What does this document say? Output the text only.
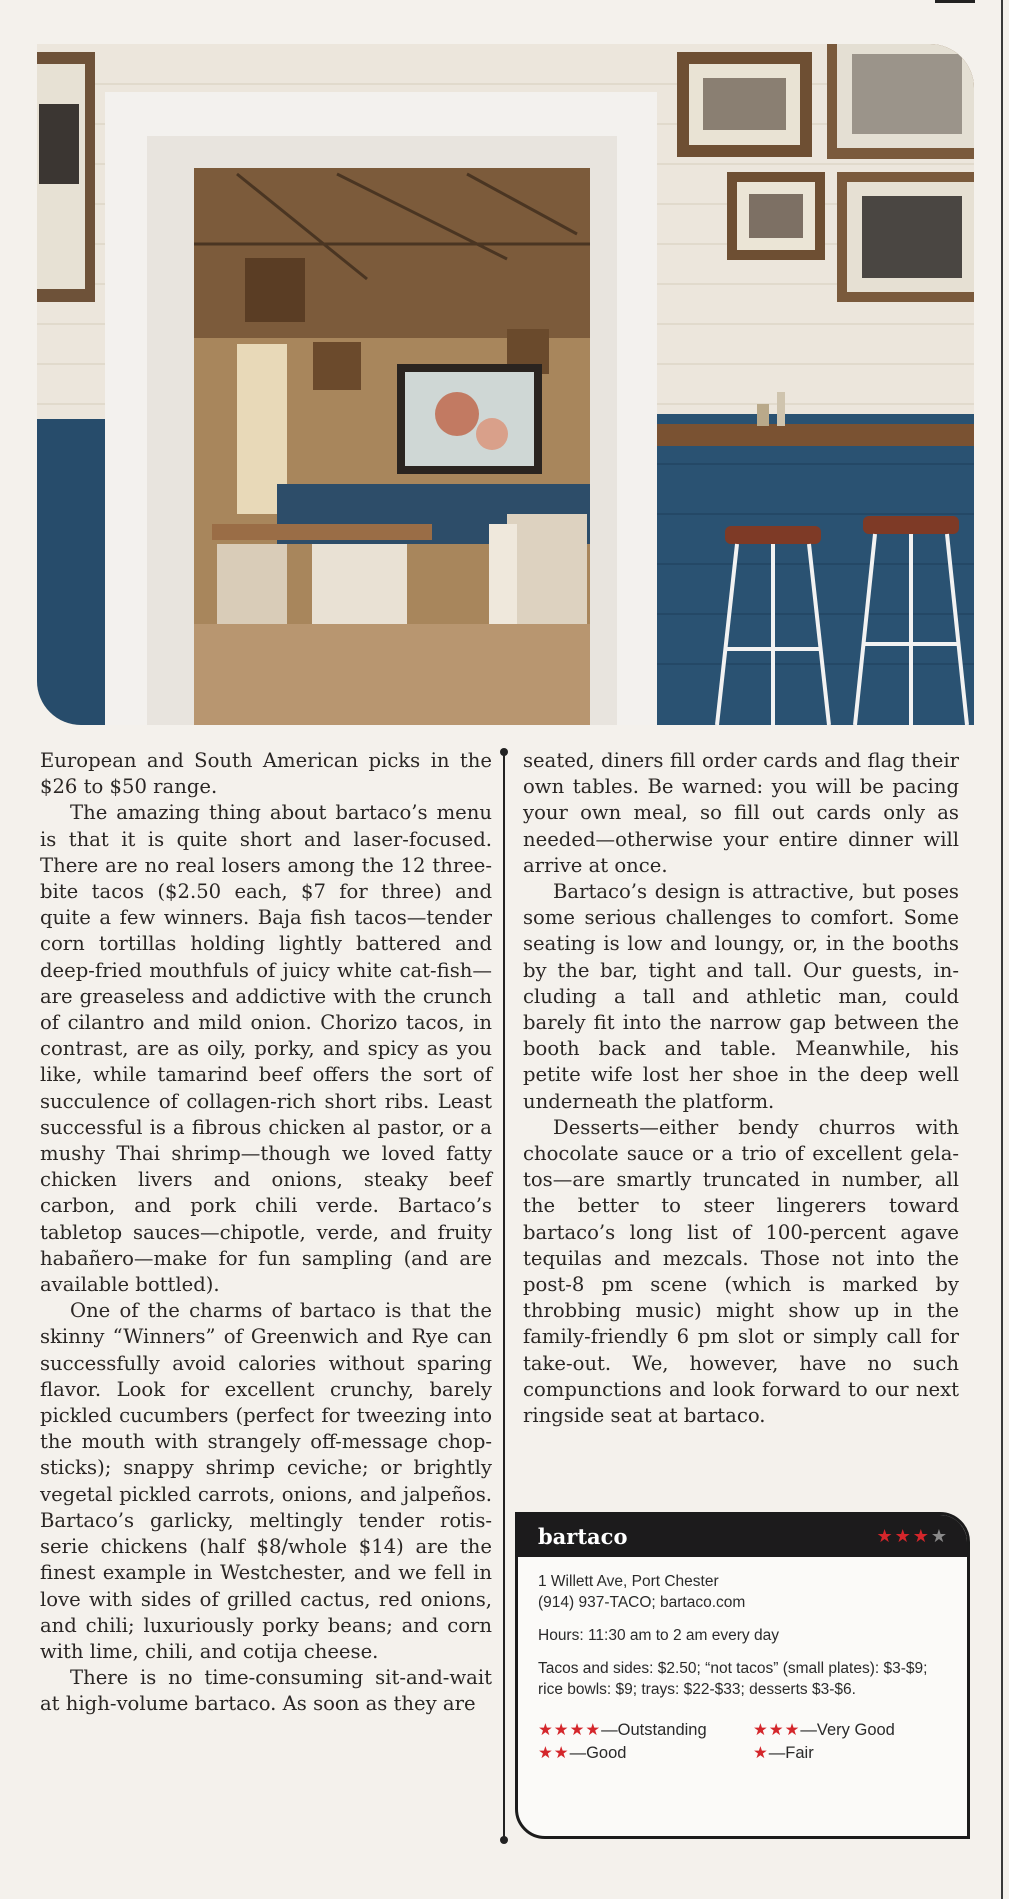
European and South American picks in the $26 to $50 range.

The amazing thing about bartaco’s menu is that it is quite short and laser-focused. There are no real losers among the 12 three-bite tacos ($2.50 each, $7 for three) and quite a few winners. Baja fish tacos—tender corn tortillas holding lightly battered and deep-fried mouthfuls of juicy white cat-fish—are greaseless and addictive with the crunch of cilantro and mild onion. Chorizo tacos, in contrast, are as oily, porky, and spicy as you like, while tamarind beef offers the sort of succulence of collagen-rich short ribs. Least successful is a fibrous chicken al pastor, or a mushy Thai shrimp—though we loved fatty chicken livers and onions, steaky beef carbon, and pork chili verde. Bartaco’s tabletop sauces—chipotle, verde, and fruity habañero—make for fun sampling (and are available bottled).

One of the charms of bartaco is that the skinny “Winners” of Greenwich and Rye can successfully avoid calories without sparing flavor. Look for excellent crunchy, barely pickled cucumbers (perfect for tweezing into the mouth with strangely off-message chop-sticks); snappy shrimp ceviche; or brightly vegetal pickled carrots, onions, and jalpeños. Bartaco’s garlicky, meltingly tender rotis-serie chickens (half $8/whole $14) are the finest example in Westchester, and we fell in love with sides of grilled cactus, red onions, and chili; luxuriously porky beans; and corn with lime, chili, and cotija cheese.

There is no time-consuming sit-and-wait at high-volume bartaco. As soon as they are

seated, diners fill order cards and flag their own tables. Be warned: you will be pacing your own meal, so fill out cards only as needed—otherwise your entire dinner will arrive at once.

Bartaco’s design is attractive, but poses some serious challenges to comfort. Some seating is low and loungy, or, in the booths by the bar, tight and tall. Our guests, in-cluding a tall and athletic man, could barely fit into the narrow gap between the booth back and table. Meanwhile, his petite wife lost her shoe in the deep well underneath the platform.

Desserts—either bendy churros with chocolate sauce or a trio of excellent gela-tos—are smartly truncated in number, all the better to steer lingerers toward bartaco’s long list of 100-percent agave tequilas and mezcals. Those not into the post-8 pm scene (which is marked by throbbing music) might show up in the family-friendly 6 pm slot or simply call for take-out. We, however, have no such compunctions and look forward to our next ringside seat at bartaco.

bartaco	★★★★

1 Willett Ave, Port Chester
(914) 937-TACO; bartaco.com

Hours: 11:30 am to 2 am every day

Tacos and sides: $2.50; “not tacos” (small plates): $3-$9; rice bowls: $9; trays: $22-$33; desserts $3-$6.

★★★★—Outstanding	★★★—Very Good
★★—Good	★—Fair
